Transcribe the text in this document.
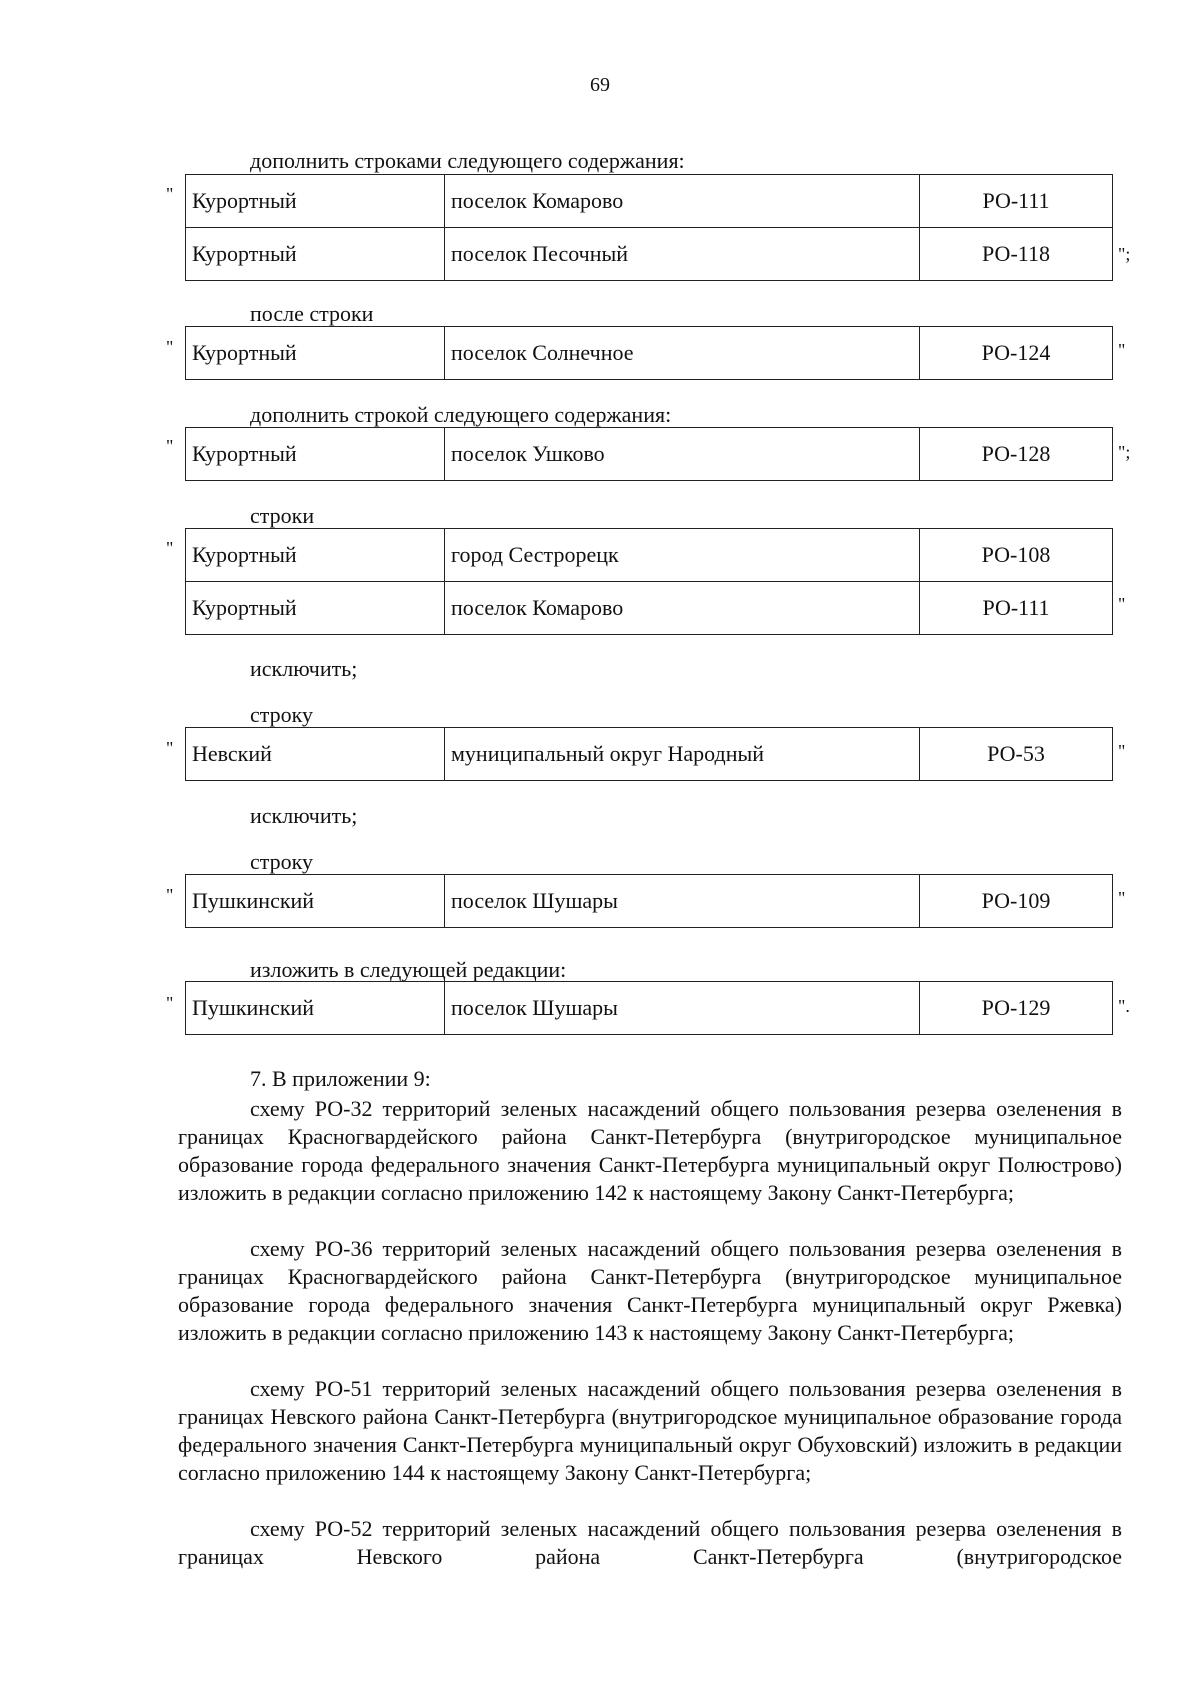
69
дополнить строками следующего содержания:
" Курортный	поселок Комарово	РО-111
Курортный	поселок Песочный	РО-118	";
после строки
" Курортный	поселок Солнечное	РО-124	"
дополнить строкой следующего содержания:
" Курортный	поселок Ушково	РО-128	";
строки
" Курортный	город Сестрорецк	РО-108
Курортный	поселок Комарово	РО-111	"
исключить;
строку
" Невский	муниципальный округ Народный	РО-53	"
исключить;
строку
" Пушкинский	поселок Шушары	РО-109	"
изложить в следующей редакции:
" Пушкинский	поселок Шушары	РО-129	".
7. В приложении 9:

схему РО-32 территорий зеленых насаждений общего пользования резерва озеленения в границах Красногвардейского района Санкт-Петербурга (внутригородское муниципальное образование города федерального значения Санкт-Петербурга муниципальный округ Полюстрово) изложить в редакции согласно приложению 142 к настоящему Закону Санкт-Петербурга;

схему РО-36 территорий зеленых насаждений общего пользования резерва озеленения в границах Красногвардейского района Санкт-Петербурга (внутригородское муниципальное образование города федерального значения Санкт-Петербурга муниципальный округ Ржевка) изложить в редакции согласно приложению 143 к настоящему Закону Санкт-Петербурга;

схему РО-51 территорий зеленых насаждений общего пользования резерва озеленения в границах Невского района Санкт-Петербурга (внутригородское муниципальное образование города федерального значения Санкт-Петербурга муниципальный округ Обуховский) изложить в редакции согласно приложению 144 к настоящему Закону Санкт-Петербурга;

схему РО-52 территорий зеленых насаждений общего пользования резерва озеленения в границах Невского района Санкт-Петербурга (внутригородское
